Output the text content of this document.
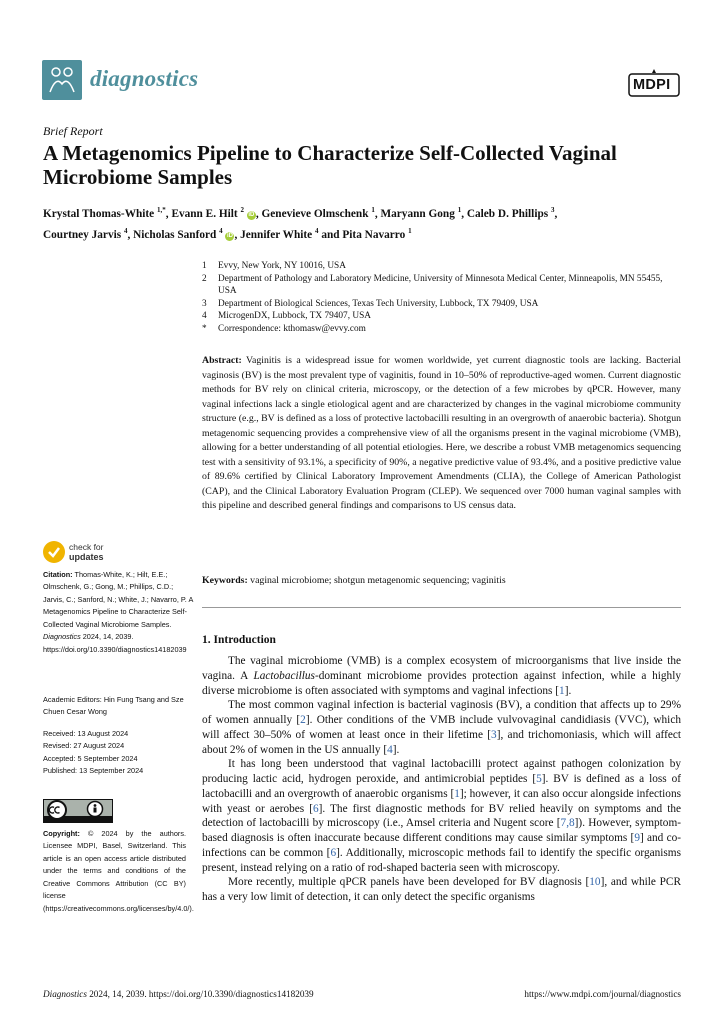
diagnostics	MDPI
Brief Report
A Metagenomics Pipeline to Characterize Self-Collected Vaginal Microbiome Samples
Krystal Thomas-White $^{1,*}$, Evann E. Hilt $^2$ iD , Genevieve Olmschenk $^1$, Maryann Gong $^1$, Caleb D. Phillips $^3$,
Courtney Jarvis $^4$, Nicholas Sanford $^4$ iD , Jennifer White $^4$ and Pita Navarro $^1$
1	Evvy, New York, NY 10016, USA
2	Department of Pathology and Laboratory Medicine, University of Minnesota Medical Center, Minneapolis, MN 55455, USA
3	Department of Biological Sciences, Texas Tech University, Lubbock, TX 79409, USA
4	MicrogenDX, Lubbock, TX 79407, USA
*	Correspondence: kthomasw@evvy.com
Abstract: Vaginitis is a widespread issue for women worldwide, yet current diagnostic tools are lacking. Bacterial vaginosis (BV) is the most prevalent type of vaginitis, found in 10–50% of reproductive-aged women. Current diagnostic methods for BV rely on clinical criteria, microscopy, or the detection of a few microbes by qPCR. However, many vaginal infections lack a single etiological agent and are characterized by changes in the vaginal microbiome community structure (e.g., BV is defined as a loss of protective lactobacilli resulting in an overgrowth of anaerobic bacteria). Shotgun metagenomic sequencing provides a comprehensive view of all the organisms present in the vaginal microbiome (VMB), allowing for a better understanding of all potential etiologies. Here, we describe a robust VMB metagenomics sequencing test with a sensitivity of 93.1%, a specificity of 90%, a negative predictive value of 93.4%, and a positive predictive value of 89.6% certified by Clinical Laboratory Improvement Amendments (CLIA), the College of American Pathologist (CAP), and the Clinical Laboratory Evaluation Program (CLEP). We sequenced over 7000 human vaginal samples with this pipeline and described general findings and comparisons to US census data.
Keywords: vaginal microbiome; shotgun metagenomic sequencing; vaginitis
check for
updates
Citation: Thomas-White, K.; Hilt, E.E.; Olmschenk, G.; Gong, M.; Phillips, C.D.; Jarvis, C.; Sanford, N.; White, J.; Navarro, P. A Metagenomics Pipeline to Characterize Self-Collected Vaginal Microbiome Samples. Diagnostics 2024, 14, 2039. https://doi.org/10.3390/diagnostics14182039
Academic Editors: Hin Fung Tsang and Sze Chuen Cesar Wong
Received: 13 August 2024
Revised: 27 August 2024
Accepted: 5 September 2024
Published: 13 September 2024
Copyright: © 2024 by the authors. Licensee MDPI, Basel, Switzerland. This article is an open access article distributed under the terms and conditions of the Creative Commons Attribution (CC BY) license (https://creativecommons.org/licenses/by/4.0/).
1. Introduction

The vaginal microbiome (VMB) is a complex ecosystem of microorganisms that live inside the vagina. A Lactobacillus-dominant microbiome provides protection against infection, while a highly diverse microbiome is often associated with symptoms and vaginal infections [1].

The most common vaginal infection is bacterial vaginosis (BV), a condition that affects up to 29% of women annually [2]. Other conditions of the VMB include vulvovaginal candidiasis (VVC), which will affect 30–50% of women at least once in their lifetime [3], and trichomoniasis, which will affect about 2% of women in the US annually [4].

It has long been understood that vaginal lactobacilli protect against pathogen colonization by producing lactic acid, hydrogen peroxide, and antimicrobial peptides [5]. BV is defined as a loss of lactobacilli and an overgrowth of anaerobic organisms [1]; however, it can also occur alongside infections with yeast or aerobes [6]. The first diagnostic methods for BV relied heavily on symptoms and the detection of lactobacilli by microscopy (i.e., Amsel criteria and Nugent score [7,8]). However, symptom-based diagnosis is often inaccurate because different conditions may cause similar symptoms [9] and co-infections can be common [6]. Additionally, microscopic methods fail to identify the specific organisms present, instead relying on a ratio of rod-shaped bacteria seen with microscopy.

More recently, multiple qPCR panels have been developed for BV diagnosis [10], and while PCR has a very low limit of detection, it can only detect the specific organisms

Diagnostics 2024, 14, 2039. https://doi.org/10.3390/diagnostics14182039	https://www.mdpi.com/journal/diagnostics
